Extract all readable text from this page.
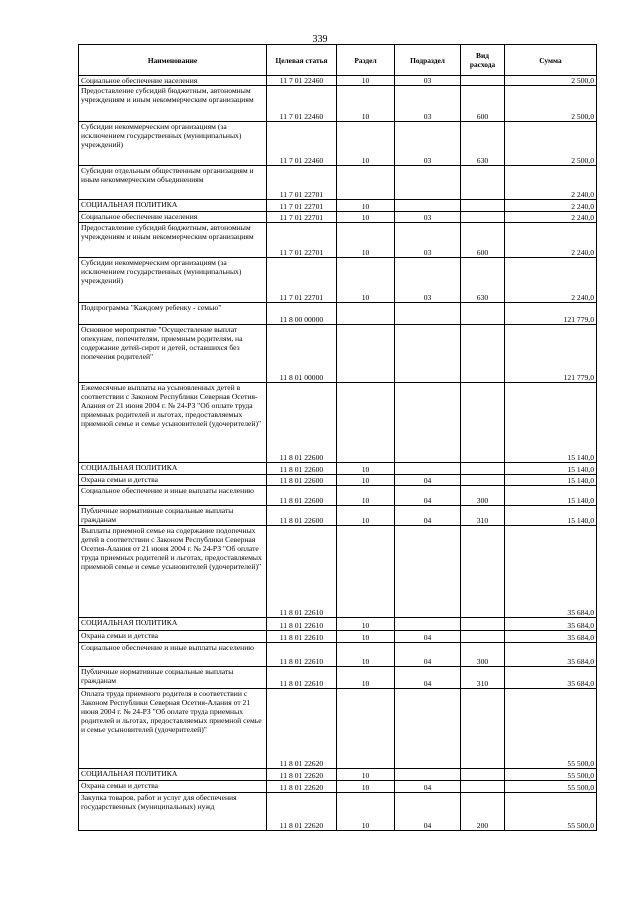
339
Наименование	Целевая статья	Раздел	Подраздел	Вид расхода	Сумма
Социальное обеспечение населения	11 7 01 22460	10	03		2 500,0
Предоставление субсидий бюджетным, автономным учреждениям и иным некоммерческим организациям	11 7 01 22460	10	03	600	2 500,0
Субсидии некоммерческим организациям (за исключением государственных (муниципальных) учреждений)	11 7 01 22460	10	03	630	2 500,0
Субсидии отдельным общественным организациям и иным некоммерческим объединениям	11 7 01 22701				2 240,0
СОЦИАЛЬНАЯ ПОЛИТИКА	11 7 01 22701	10			2 240,0
Социальное обеспечение населения	11 7 01 22701	10	03		2 240,0
Предоставление субсидий бюджетным, автономным учреждениям и иным некоммерческим организациям	11 7 01 22701	10	03	600	2 240,0
Субсидии некоммерческим организациям (за исключением государственных (муниципальных) учреждений)	11 7 01 22701	10	03	630	2 240,0
Подпрограмма "Каждому ребенку - семью"	11 8 00 00000				121 779,0
Основное мероприятие "Осуществление выплат опекунам, попечителям, приемным родителям, на содержание детей-сирот и детей, оставшихся без попечения родителей"	11 8 01 00000				121 779,0
Ежемесячные выплаты на усыновленных детей в соответствии с Законом Республики Северная Осетия-Алания от 21 июня 2004 г. № 24-РЗ "Об оплате труда приемных родителей и льготах, предоставляемых приемной семье и семье усыновителей (удочерителей)"	11 8 01 22600				15 140,0
СОЦИАЛЬНАЯ ПОЛИТИКА	11 8 01 22600	10			15 140,0
Охрана семьи и детства	11 8 01 22600	10	04		15 140,0
Социальное обеспечение и иные выплаты населению	11 8 01 22600	10	04	300	15 140,0
Публичные нормативные социальные выплаты гражданам	11 8 01 22600	10	04	310	15 140,0
Выплаты приемной семье на содержание подопечных детей в соответствии с Законом Республики Северная Осетия-Алания от 21 июня 2004 г. № 24-РЗ "Об оплате труда приемных родителей и льготах, предоставляемых приемной семье и семье усыновителей (удочерителей)"	11 8 01 22610				35 684,0
СОЦИАЛЬНАЯ ПОЛИТИКА	11 8 01 22610	10			35 684,0
Охрана семьи и детства	11 8 01 22610	10	04		35 684,0
Социальное обеспечение и иные выплаты населению	11 8 01 22610	10	04	300	35 684,0
Публичные нормативные социальные выплаты гражданам	11 8 01 22610	10	04	310	35 684,0
Оплата труда приемного родителя в соответствии с Законом Республики Северная Осетия-Алания от 21 июня 2004 г. № 24-РЗ "Об оплате труда приемных родителей и льготах, предоставляемых приемной семье и семье усыновителей (удочерителей)"	11 8 01 22620				55 500,0
СОЦИАЛЬНАЯ ПОЛИТИКА	11 8 01 22620	10			55 500,0
Охрана семьи и детства	11 8 01 22620	10	04		55 500,0
Закупка товаров, работ и услуг для обеспечения государственных (муниципальных) нужд	11 8 01 22620	10	04	200	55 500,0
